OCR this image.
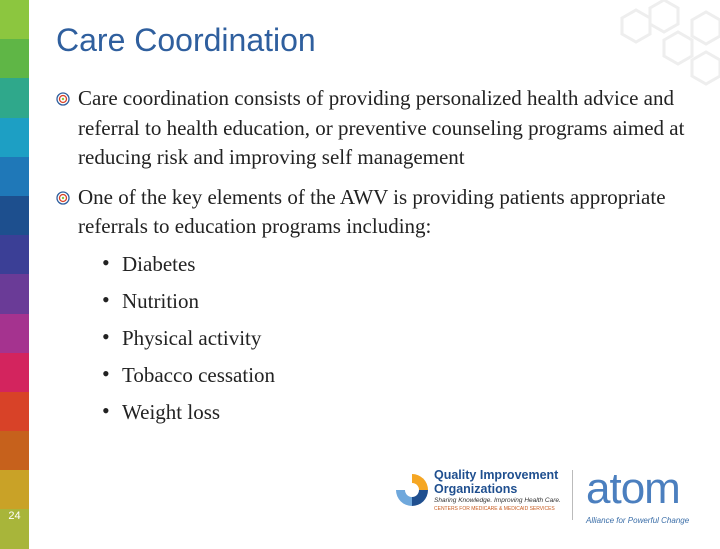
24
Care Coordination
Care coordination consists of providing personalized health advice and referral to health education, or preventive counseling programs aimed at reducing risk and improving self management
One of the key elements of the AWV is providing patients appropriate referrals to education programs including:
• Diabetes
• Nutrition
• Physical activity
• Tobacco cessation
• Weight loss
Quality Improvement
Organizations
Sharing Knowledge. Improving Health Care.
CENTERS FOR MEDICARE & MEDICAID SERVICES atom
Alliance for Powerful Change
